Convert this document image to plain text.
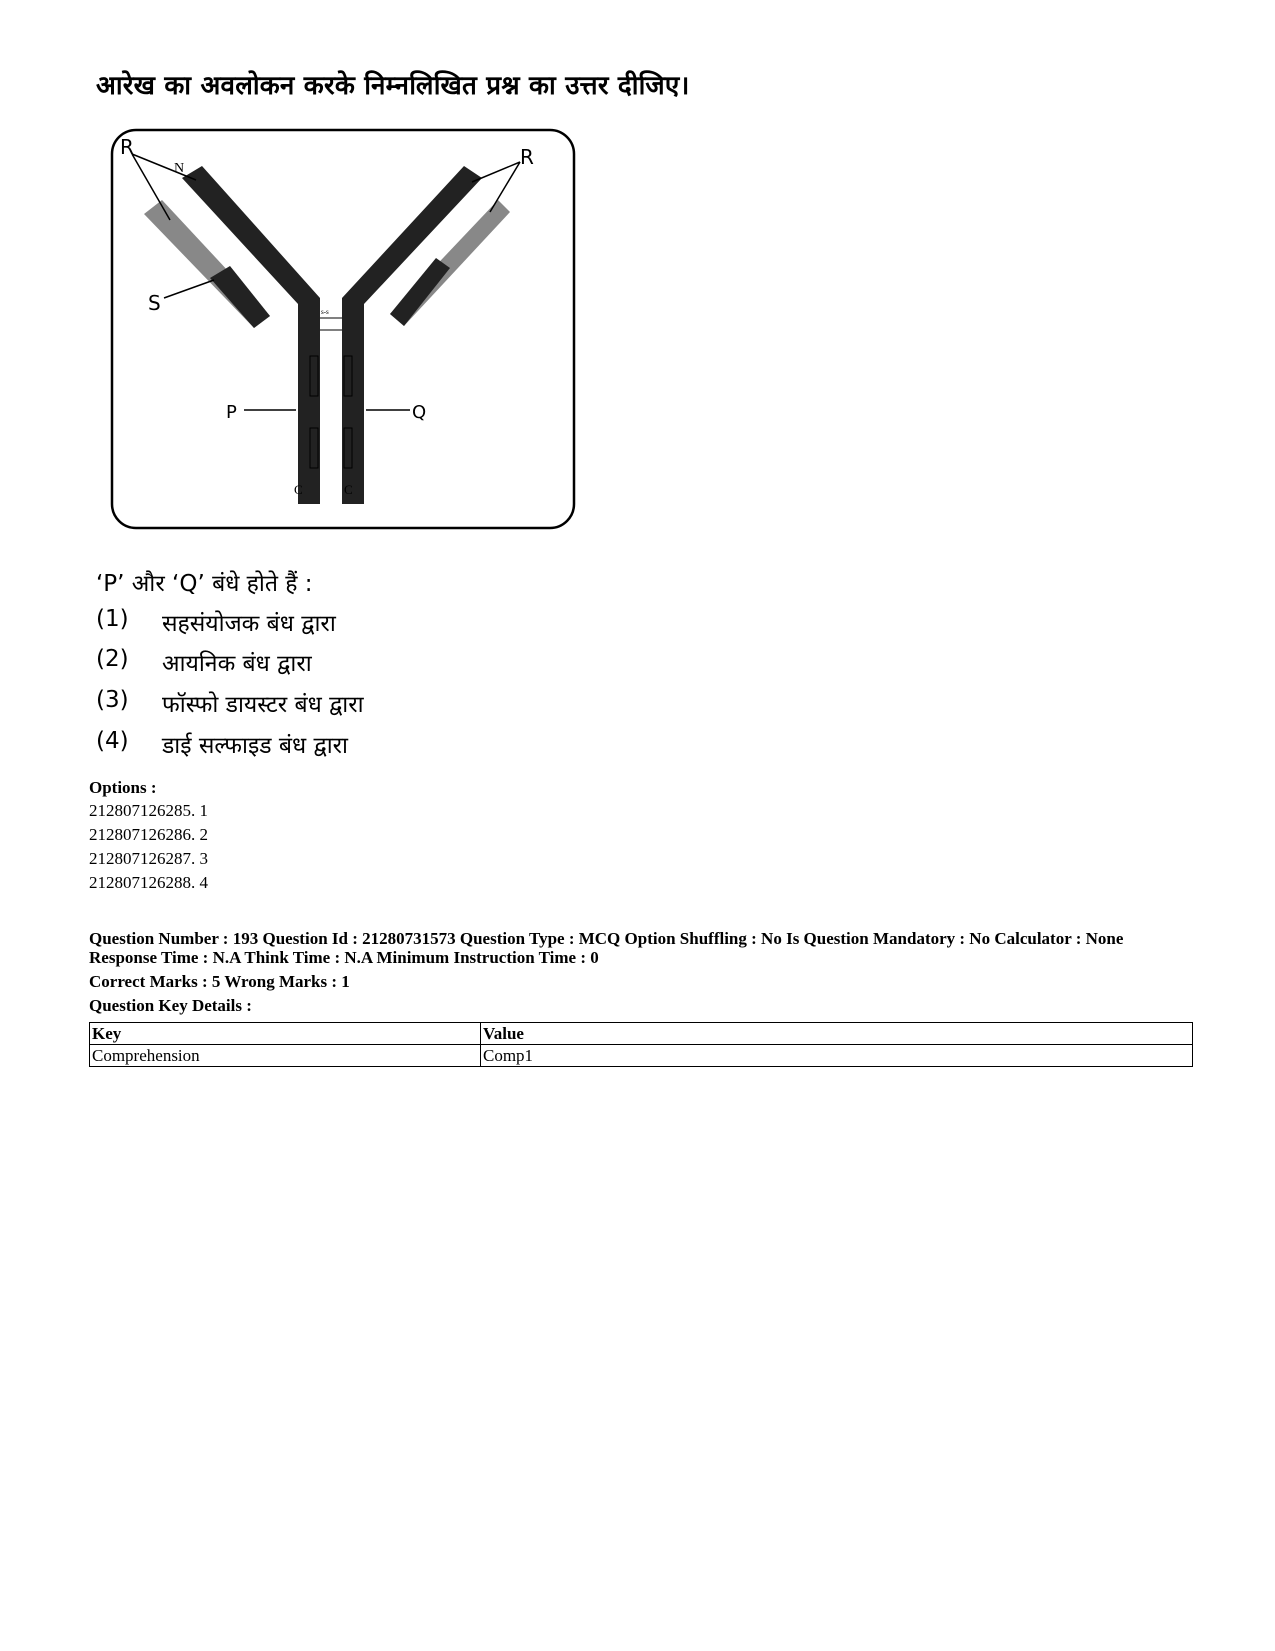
आरेख का अवलोकन करके निम्नलिखित प्रश्न का उत्तर दीजिए।
R	R
N
S
P	Q
C	C
s-s
‘P’ और ‘Q’ बंधे होते हैं :
(1)	सहसंयोजक बंध द्वारा
(2)	आयनिक बंध द्वारा
(3)	फॉस्फो डायस्टर बंध द्वारा
(4)	डाई सल्फाइड बंध द्वारा
Options :
212807126285. 1
212807126286. 2
212807126287. 3
212807126288. 4
Question Number : 193 Question Id : 21280731573 Question Type : MCQ Option Shuffling : No Is Question Mandatory : No Calculator : None
Response Time : N.A Think Time : N.A Minimum Instruction Time : 0
Correct Marks : 5 Wrong Marks : 1
Question Key Details :
Key	Value
Comprehension	Comp1
